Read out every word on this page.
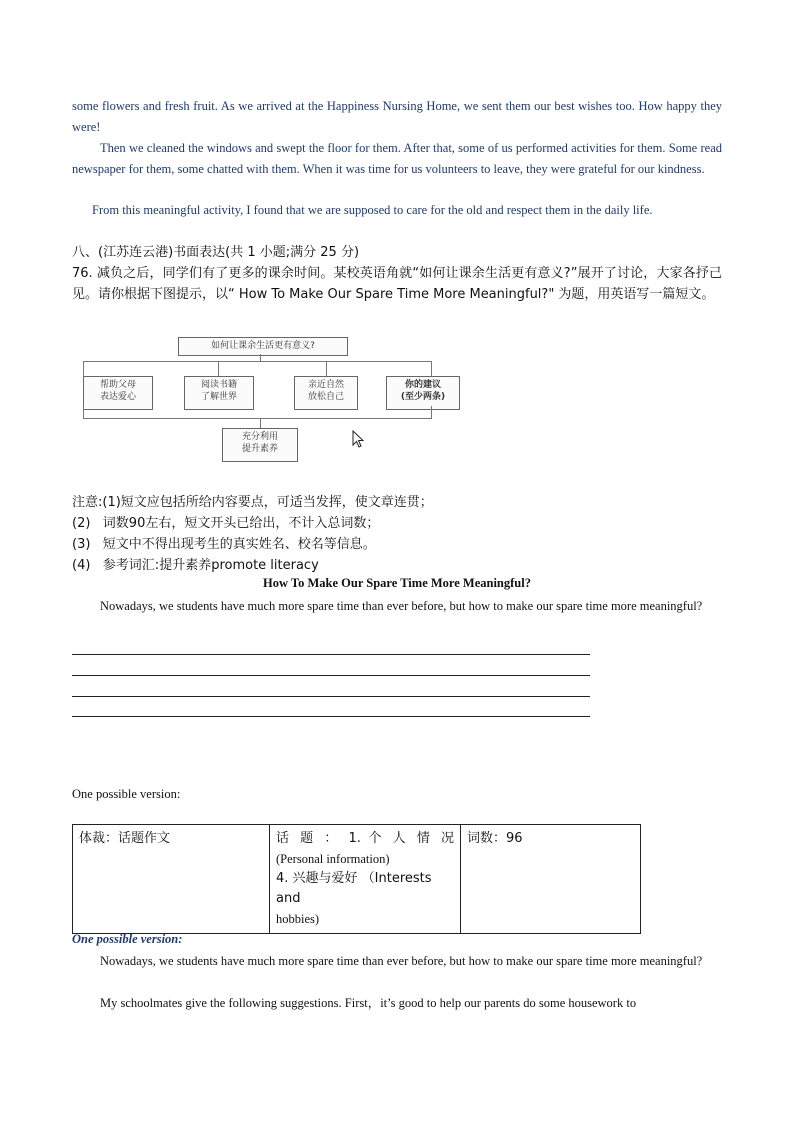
some flowers and fresh fruit. As we arrived at the Happiness Nursing Home, we sent them our best wishes too. How happy they were!
Then we cleaned the windows and swept the floor for them. After that, some of us performed activities for them. Some read newspaper for them, some chatted with them. When it was time for us volunteers to leave, they were grateful for our kindness.
From this meaningful activity, I found that we are supposed to care for the old and respect them in the daily life.
八、(江苏连云港)书面表达(共 1 小题;满分 25 分)
76. 减负之后，同学们有了更多的课余时间。某校英语角就“如何让课余生活更有意义?”展开了讨论，大家各抒己见。请你根据下图提示，以“ How To Make Our Spare Time More Meaningful?" 为题，用英语写一篇短文。
如何让课余生活更有意义?
帮助父母
表达爱心
阅读书籍
了解世界
亲近自然
放松自己
你的建议
(至少两条)
充分利用
提升素养
注意:(1)短文应包括所给内容要点，可适当发挥，使文章连贯；
(2)   词数90左右，短文开头已给出，不计入总词数；
(3)   短文中不得出现考生的真实姓名、校名等信息。
(4)   参考词汇:提升素养promote literacy
How To Make Our Spare Time More Meaningful?
Nowadays, we students have much more spare time than ever before, but how to make our spare time more meaningful?
One possible version:
体裁：话题作文	话 题 ： 1. 个 人 情 况
(Personal information)
4. 兴趣与爱好 （Interests and
hobbies)
	词数：96
One possible version:
Nowadays, we students have much more spare time than ever before, but how to make our spare time more meaningful?
My schoolmates give the following suggestions. First，it’s good to help our parents do some housework to
